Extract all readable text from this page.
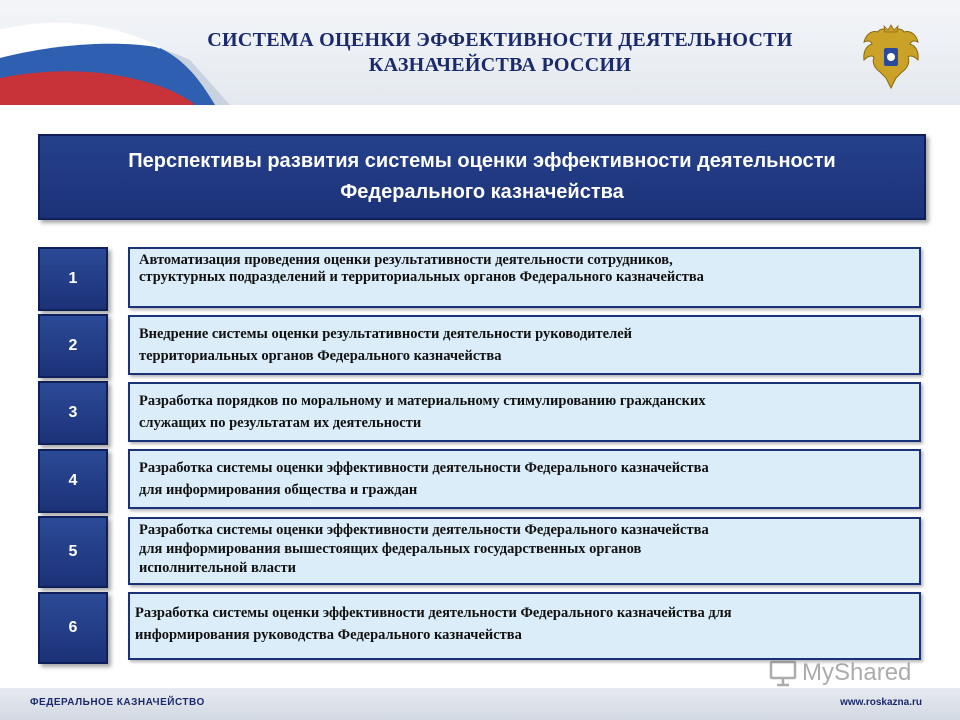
СИСТЕМА ОЦЕНКИ ЭФФЕКТИВНОСТИ ДЕЯТЕЛЬНОСТИ
КАЗНАЧЕЙСТВА РОССИИ
Перспективы развития системы оценки эффективности деятельности
Федерального казначейства
1
Автоматизация проведения оценки результативности деятельности сотрудников,
структурных подразделений и территориальных органов Федерального казначейства
2
Внедрение системы оценки результативности деятельности руководителей
территориальных органов Федерального казначейства
3
Разработка порядков по моральному и материальному стимулированию гражданских
служащих по результатам их деятельности
4
Разработка системы оценки эффективности деятельности Федерального казначейства
для информирования общества и граждан
5
Разработка системы оценки эффективности деятельности Федерального казначейства
для информирования вышестоящих федеральных государственных органов
исполнительной власти
6
Разработка системы оценки эффективности деятельности Федерального казначейства для
информирования руководства Федерального казначейства
MyShared
ФЕДЕРАЛЬНОЕ КАЗНАЧЕЙСТВО	www.roskazna.ru
